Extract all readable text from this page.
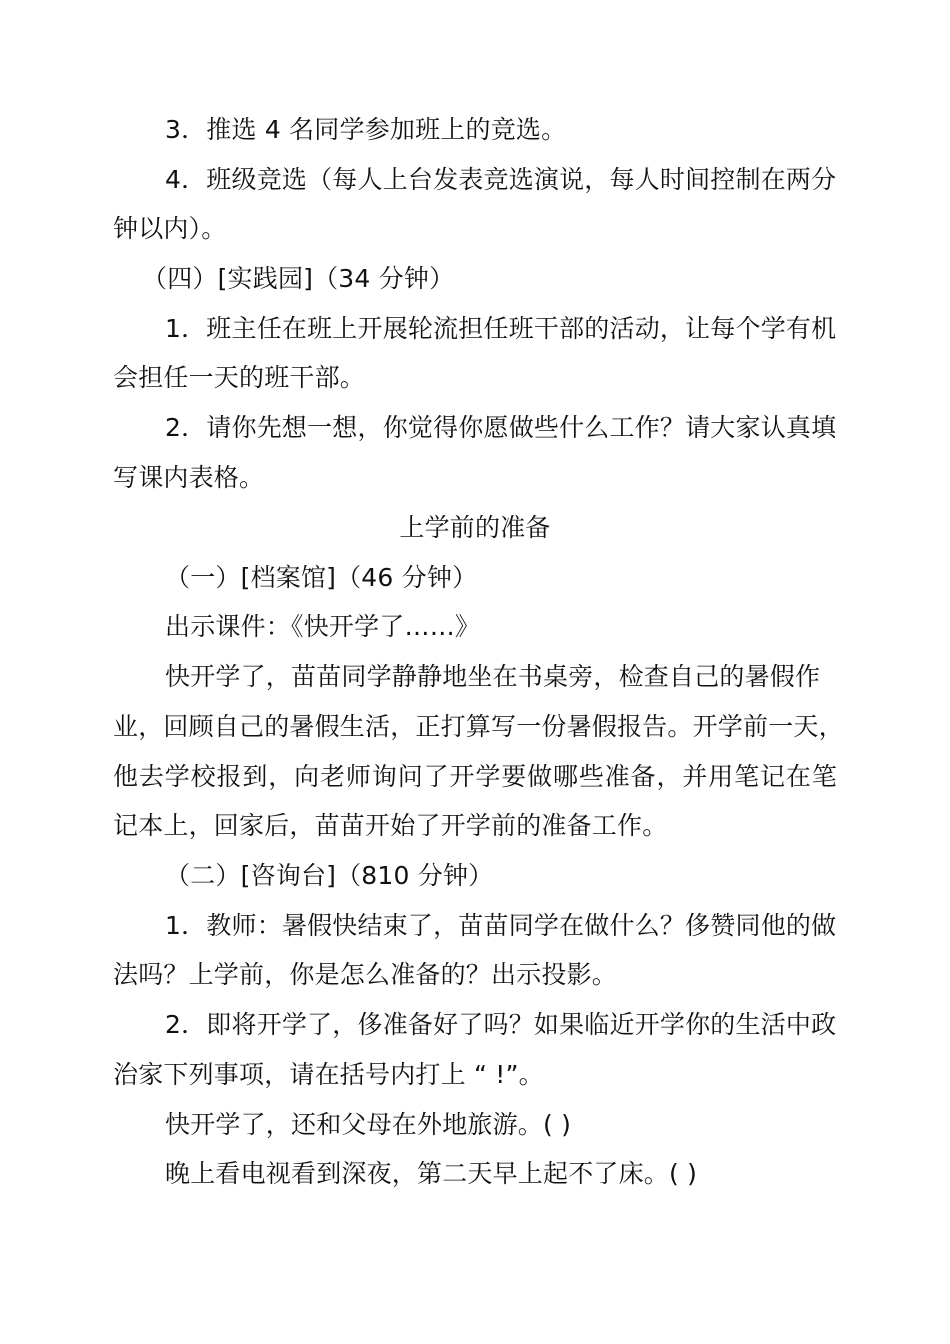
3．推选 4 名同学参加班上的竞选。
4．班级竞选（每人上台发表竞选演说，每人时间控制在两分
钟以内）。
（四）[实践园]（34 分钟）
1．班主任在班上开展轮流担任班干部的活动，让每个学有机
会担任一天的班干部。
2．请你先想一想，你觉得你愿做些什么工作？请大家认真填
写课内表格。
上学前的准备
（一）[档案馆]（46 分钟）
出示课件：《快开学了……》
快开学了，苗苗同学静静地坐在书桌旁，检查自己的暑假作
业，回顾自己的暑假生活，正打算写一份暑假报告。开学前一天，
他去学校报到，向老师询问了开学要做哪些准备，并用笔记在笔
记本上，回家后，苗苗开始了开学前的准备工作。
（二）[咨询台]（810 分钟）
1．教师：暑假快结束了，苗苗同学在做什么？侈赞同他的做
法吗？上学前，你是怎么准备的？出示投影。
2．即将开学了，侈准备好了吗？如果临近开学你的生活中政
治家下列事项，请在括号内打上 “ !”。
快开学了，还和父母在外地旅游。( )
晚上看电视看到深夜，第二天早上起不了床。( )
